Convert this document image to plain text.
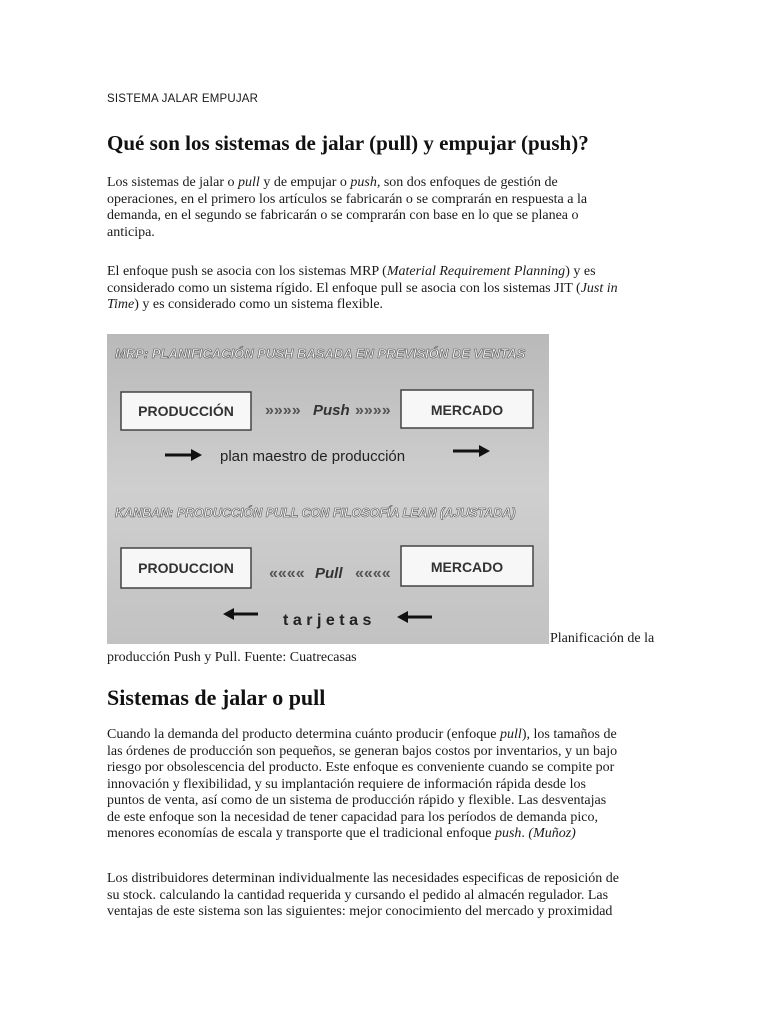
SISTEMA JALAR EMPUJAR
Qué son los sistemas de jalar (pull) y empujar (push)?
Los sistemas de jalar o pull y de empujar o push, son dos enfoques de gestión de
operaciones, en el primero los artículos se fabricarán o se comprarán en respuesta a la
demanda, en el segundo se fabricarán o se comprarán con base en lo que se planea o
anticipa.
El enfoque push se asocia con los sistemas MRP (Material Requirement Planning) y es
considerado como un sistema rígido. El enfoque pull se asocia con los sistemas JIT (Just in
Time) y es considerado como un sistema flexible.
MRP: PLANIFICACIÓN PUSH BASADA EN PREVISIÓN DE VENTAS
PRODUCCIÓN »»»» Push »»»»	MERCADO
plan maestro de producción
KANBAN: PRODUCCIÓN PULL CON FILOSOFÍA LEAN (AJUSTADA)
PRODUCCION «««« Pull ««««	MERCADO
tarjetas
Planificación de la
producción Push y Pull. Fuente: Cuatrecasas
Sistemas de jalar o pull
Cuando la demanda del producto determina cuánto producir (enfoque pull), los tamaños de
las órdenes de producción son pequeños, se generan bajos costos por inventarios, y un bajo
riesgo por obsolescencia del producto. Este enfoque es conveniente cuando se compite por
innovación y flexibilidad, y su implantación requiere de información rápida desde los
puntos de venta, así como de un sistema de producción rápido y flexible. Las desventajas
de este enfoque son la necesidad de tener capacidad para los períodos de demanda pico,
menores economías de escala y transporte que el tradicional enfoque push. (Muñoz)
Los distribuidores determinan individualmente las necesidades especificas de reposición de
su stock. calculando la cantidad requerida y cursando el pedido al almacén regulador. Las
ventajas de este sistema son las siguientes: mejor conocimiento del mercado y proximidad
